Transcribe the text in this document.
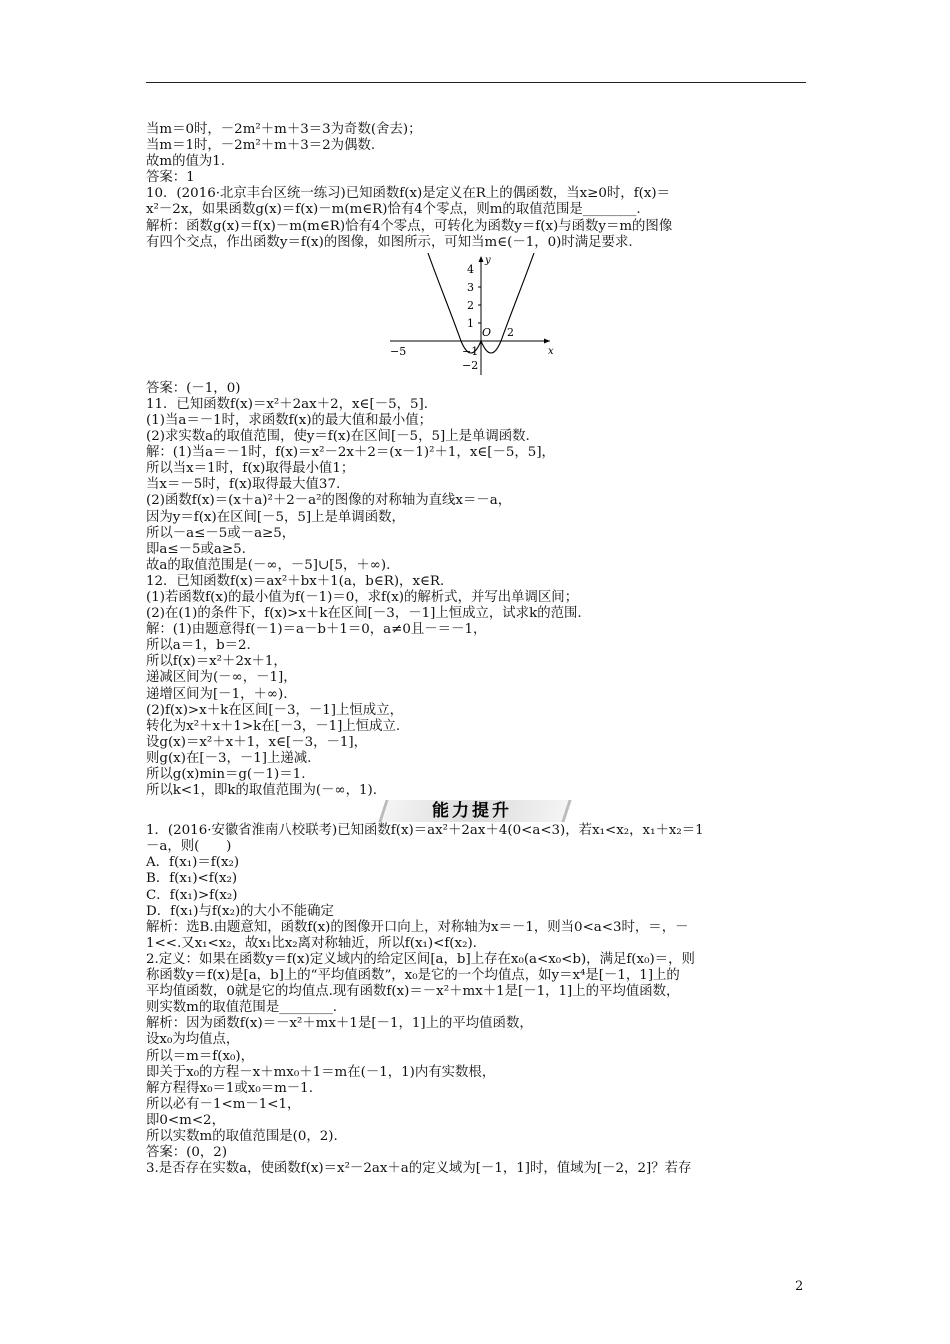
当m＝0时，－2m²＋m＋3＝3为奇数(舍去)；
当m＝1时，－2m²＋m＋3＝2为偶数.
故m的值为1.
答案：1
10．(2016·北京丰台区统一练习)已知函数f(x)是定义在R上的偶函数，当x≥0时，f(x)＝
x²－2x，如果函数g(x)＝f(x)－m(m∈R)恰有4个零点，则m的取值范围是________.
解析：函数g(x)＝f(x)－m(m∈R)恰有4个零点，可转化为函数y＝f(x)与函数y＝m的图像
有四个交点，作出函数y＝f(x)的图像，如图所示，可知当m∈(－1，0)时满足要求.
y
x
O
4
3
2
1
−1
−2
−5
2
答案：(－1，0)
11．已知函数f(x)＝x²＋2ax＋2，x∈[－5，5].
(1)当a＝－1时，求函数f(x)的最大值和最小值；
(2)求实数a的取值范围，使y＝f(x)在区间[－5，5]上是单调函数.
解：(1)当a＝－1时，f(x)＝x²－2x＋2＝(x－1)²＋1，x∈[－5，5]，
所以当x＝1时，f(x)取得最小值1；
当x＝－5时，f(x)取得最大值37.
(2)函数f(x)＝(x＋a)²＋2－a²的图像的对称轴为直线x＝－a，
因为y＝f(x)在区间[－5，5]上是单调函数，
所以－a≤－5或－a≥5，
即a≤－5或a≥5.
故a的取值范围是(－∞，－5]∪[5，＋∞).
12．已知函数f(x)＝ax²＋bx＋1(a，b∈R)，x∈R.
(1)若函数f(x)的最小值为f(－1)＝0，求f(x)的解析式，并写出单调区间；
(2)在(1)的条件下，f(x)>x＋k在区间[－3，－1]上恒成立，试求k的范围.
解：(1)由题意得f(－1)＝a－b＋1＝0，a≠0且－＝－1，
所以a＝1，b＝2.
所以f(x)＝x²＋2x＋1，
递减区间为(－∞，－1]，
递增区间为[－1，＋∞).
(2)f(x)>x＋k在区间[－3，－1]上恒成立，
转化为x²＋x＋1>k在[－3，－1]上恒成立.
设g(x)＝x²＋x＋1，x∈[－3，－1]，
则g(x)在[－3，－1]上递减.
所以g(x)min＝g(－1)＝1.
所以k<1，即k的取值范围为(－∞，1).
能力提升
1．(2016·安徽省淮南八校联考)已知函数f(x)＝ax²＋2ax＋4(0<a<3)，若x₁<x₂，x₁＋x₂＝1
－a，则(　　)
A．f(x₁)＝f(x₂)
B．f(x₁)<f(x₂)
C．f(x₁)>f(x₂)
D．f(x₁)与f(x₂)的大小不能确定
解析：选B.由题意知，函数f(x)的图像开口向上，对称轴为x＝－1，则当0<a<3时，＝，－
1<<.又x₁<x₂，故x₁比x₂离对称轴近，所以f(x₁)<f(x₂).
2.定义：如果在函数y＝f(x)定义域内的给定区间[a，b]上存在x₀(a<x₀<b)，满足f(x₀)＝，则
称函数y＝f(x)是[a，b]上的“平均值函数”，x₀是它的一个均值点，如y＝x⁴是[－1，1]上的
平均值函数，0就是它的均值点.现有函数f(x)＝－x²＋mx＋1是[－1，1]上的平均值函数，
则实数m的取值范围是________.
解析：因为函数f(x)＝－x²＋mx＋1是[－1，1]上的平均值函数，
设x₀为均值点，
所以＝m＝f(x₀)，
即关于x₀的方程－x＋mx₀＋1＝m在(－1，1)内有实数根，
解方程得x₀＝1或x₀＝m－1.
所以必有－1<m－1<1，
即0<m<2，
所以实数m的取值范围是(0，2).
答案：(0，2)
3.是否存在实数a，使函数f(x)＝x²－2ax＋a的定义域为[－1，1]时，值域为[－2，2]？若存
2
